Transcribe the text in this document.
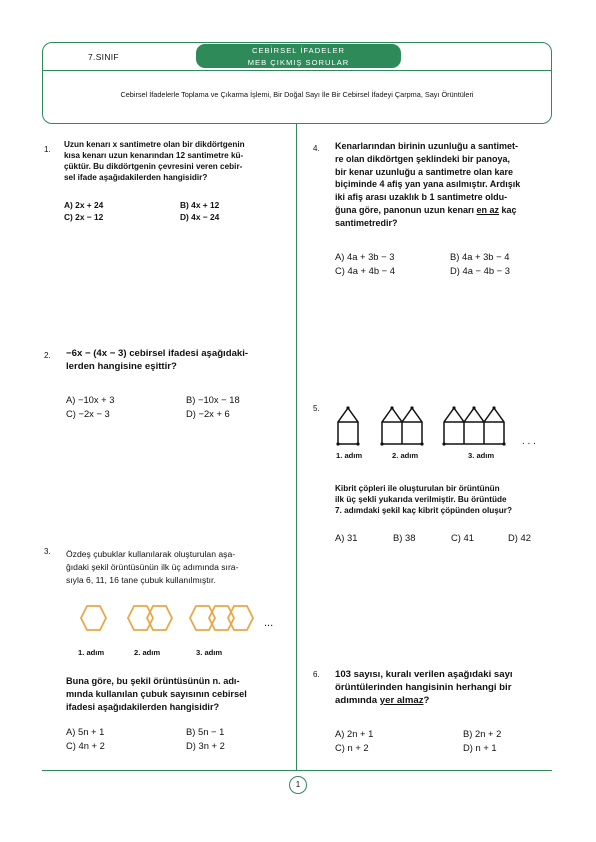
7.SINIF
CEBİRSEL İFADELER
MEB ÇIKMIŞ SORULAR
Cebirsel İfadelerle Toplama ve Çıkarma İşlemi, Bir Doğal Sayı İle Bir Cebirsel İfadeyi Çarpma, Sayı Örüntüleri
1
1.
Uzun kenarı x santimetre olan bir dikdörtgenin
kısa kenarı uzun kenarından 12 santimetre kü-
çüktür. Bu dikdörtgenin çevresini veren cebir-
sel ifade aşağıdakilerden hangisidir?
A) 2x + 24	B) 4x + 12
C) 2x − 12	D) 4x − 24
2. −6x − (4x − 3) cebirsel ifadesi aşağıdaki-
lerden hangisine eşittir?
A) −10x + 3	B) −10x − 18
C) −2x − 3	D) −2x + 6
3. Özdeş çubuklar kullanılarak oluşturulan aşa-
ğıdaki şekil örüntüsünün ilk üç adımında sıra-
sıyla 6, 11, 16 tane çubuk kullanılmıştır.
...
1. adım	2. adım	3. adım
Buna göre, bu şekil örüntüsünün n. adı-
mında kullanılan çubuk sayısının cebirsel
ifadesi aşağıdakilerden hangisidir?
A) 5n + 1	B) 5n − 1
C) 4n + 2	D) 3n + 2
4. Kenarlarından birinin uzunluğu a santimet-
re olan dikdörtgen şeklindeki bir panoya,
bir kenar uzunluğu a santimetre olan kare
biçiminde 4 afiş yan yana asılmıştır. Ardışık
iki afiş arası uzaklık b 1 santimetre oldu-
ğuna göre, panonun uzun kenarı en az kaç
santimetredir?
A) 4a + 3b − 3	B) 4a + 3b − 4
C) 4a + 4b − 4	D) 4a − 4b − 3
5.
. . .
1. adım	2. adım	3. adım
Kibrit çöpleri ile oluşturulan bir örüntünün
ilk üç şekli yukarıda verilmiştir. Bu örüntüde
7. adımdaki şekil kaç kibrit çöpünden oluşur?
A) 31	B) 38	C) 41	D) 42
6. 103 sayısı, kuralı verilen aşağıdaki sayı
örüntülerinden hangisinin herhangi bir
adımında yer almaz?
A) 2n + 1	B) 2n + 2
C) n + 2	D) n + 1
